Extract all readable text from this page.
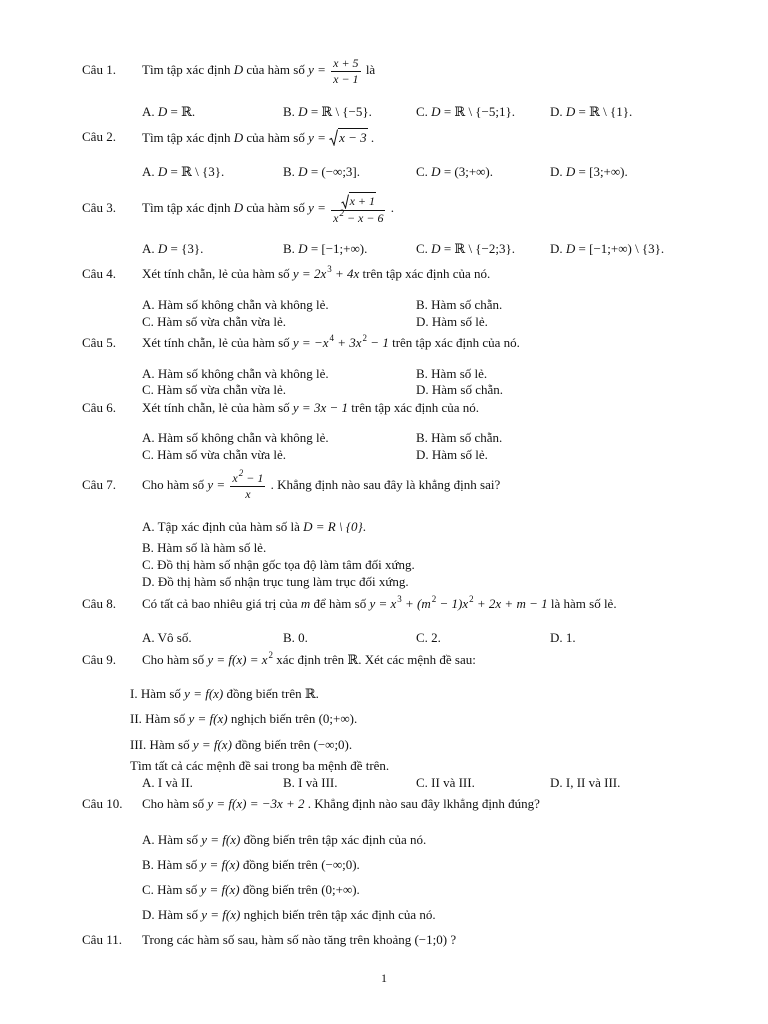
Câu 1. Tìm tập xác định D của hàm số $y = \frac{x + 5}{x - 1}$ là
A. D = ℝ.	B. D = ℝ \ {−5}.	C. D = ℝ \ {−5;1}.	D. D = ℝ \ {1}.
Câu 2. Tìm tập xác định D của hàm số y = x − 3 .
A. D = ℝ \ {3}.	B. D = (−∞;3].	C. D = (3;+∞).	D. D = [3;+∞).
Câu 3. Tìm tập xác định D của hàm số $y = \frac{x + 1}{x^2 - x - 6}$ .
A. D = {3}.	B. D = [−1;+∞).	C. D = ℝ \ {−2;3}.	D. D = [−1;+∞) \ {3}.
Câu 4. Xét tính chẵn, lẻ của hàm số $y = 2x^3 + 4x$ trên tập xác định của nó.
A. Hàm số không chẵn và không lẻ.	B. Hàm số chẵn.
C. Hàm số vừa chẵn vừa lẻ.	D. Hàm số lẻ.
Câu 5. Xét tính chẵn, lẻ của hàm số $y = -x^4 + 3x^2 - 1$ trên tập xác định của nó.
A. Hàm số không chẵn và không lẻ.	B. Hàm số lẻ.
C. Hàm số vừa chẵn vừa lẻ.	D. Hàm số chẵn.
Câu 6. Xét tính chẵn, lẻ của hàm số y = 3x − 1 trên tập xác định của nó.
A. Hàm số không chẵn và không lẻ.	B. Hàm số chẵn.
C. Hàm số vừa chẵn vừa lẻ.	D. Hàm số lẻ.
Câu 7. Cho hàm số $y = \frac{x^2 - 1}{x}$ . Khẳng định nào sau đây là khẳng định sai?
A. Tập xác định của hàm số là D = R \ {0}.
B. Hàm số là hàm số lẻ.
C. Đồ thị hàm số nhận gốc tọa độ làm tâm đối xứng.
D. Đồ thị hàm số nhận trục tung làm trục đối xứng.
Câu 8. Có tất cả bao nhiêu giá trị của m để hàm số $y = x^3 + (m^2 - 1)x^2 + 2x + m - 1$ là hàm số lẻ.
A. Vô số.	B. 0.	C. 2.	D. 1.
Câu 9. Cho hàm số $y = f(x) = x^2$ xác định trên ℝ. Xét các mệnh đề sau:
I. Hàm số y = f(x) đồng biến trên ℝ.
II. Hàm số y = f(x) nghịch biến trên (0;+∞).
III. Hàm số y = f(x) đồng biến trên (−∞;0).
Tìm tất cả các mệnh đề sai trong ba mệnh đề trên.
A. I và II.	B. I và III.	C. II và III.	D. I, II và III.
Câu 10. Cho hàm số y = f(x) = −3x + 2 . Khẳng định nào sau đây lkhẳng định đúng?
A. Hàm số y = f(x) đồng biến trên tập xác định của nó.
B. Hàm số y = f(x) đồng biến trên (−∞;0).
C. Hàm số y = f(x) đồng biến trên (0;+∞).
D. Hàm số y = f(x) nghịch biến trên tập xác định của nó.
Câu 11. Trong các hàm số sau, hàm số nào tăng trên khoảng (−1;0) ?
1
